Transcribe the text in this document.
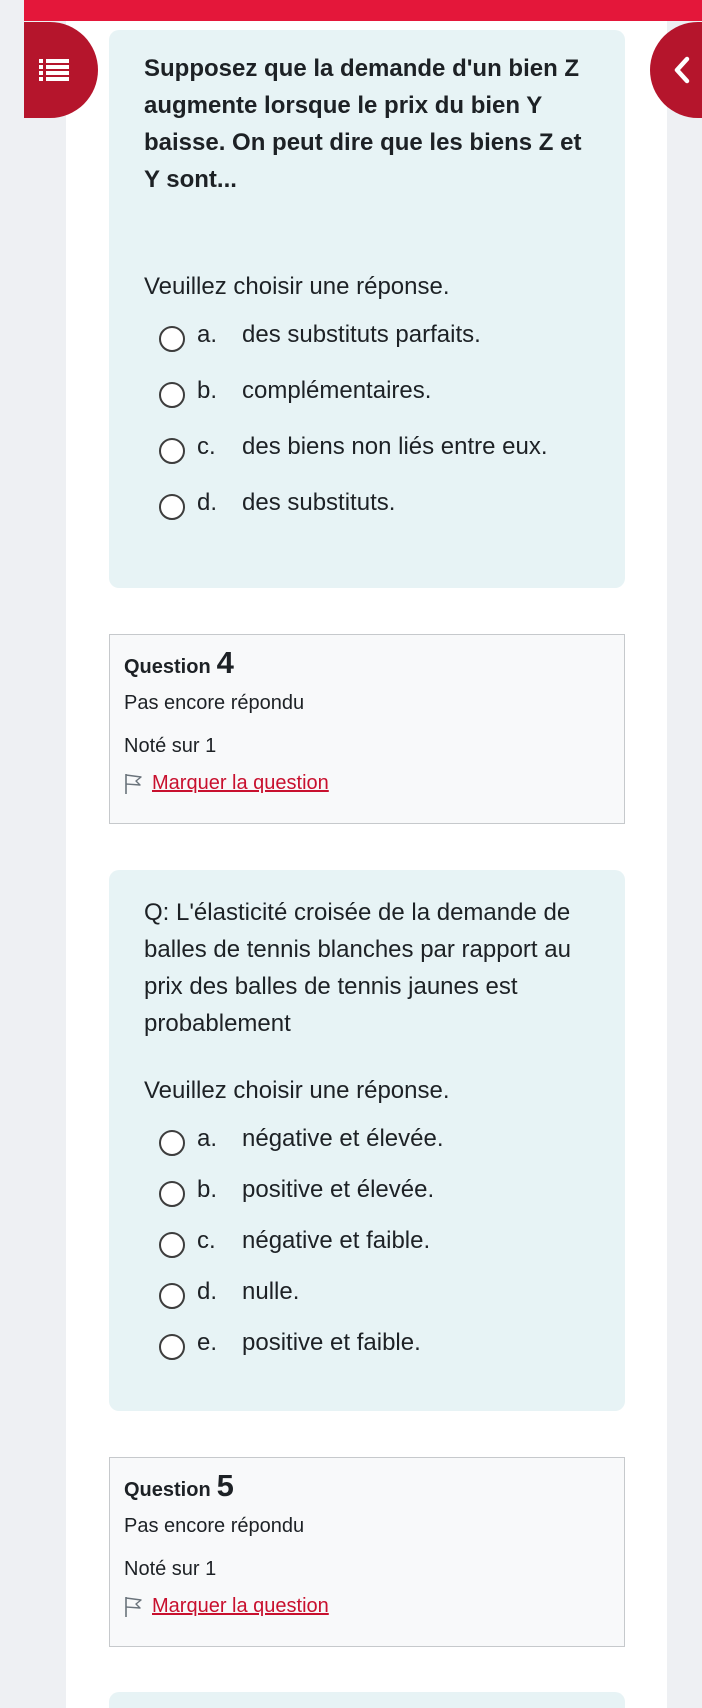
Supposez que la demande d'un bien Z augmente lorsque le prix du bien Y baisse. On peut dire que les biens Z et Y sont...

Veuillez choisir une réponse.

a.	des substituts parfaits.
b.	complémentaires.
c.	des biens non liés entre eux.
d.	des substituts.
Question 4
Pas encore répondu
Noté sur 1
Marquer la question

Q: L'élasticité croisée de la demande de balles de tennis blanches par rapport au prix des balles de tennis jaunes est probablement

Veuillez choisir une réponse.

a.	négative et élevée.
b.	positive et élevée.
c.	négative et faible.
d.	nulle.
e.	positive et faible.
Question 5
Pas encore répondu
Noté sur 1
Marquer la question
